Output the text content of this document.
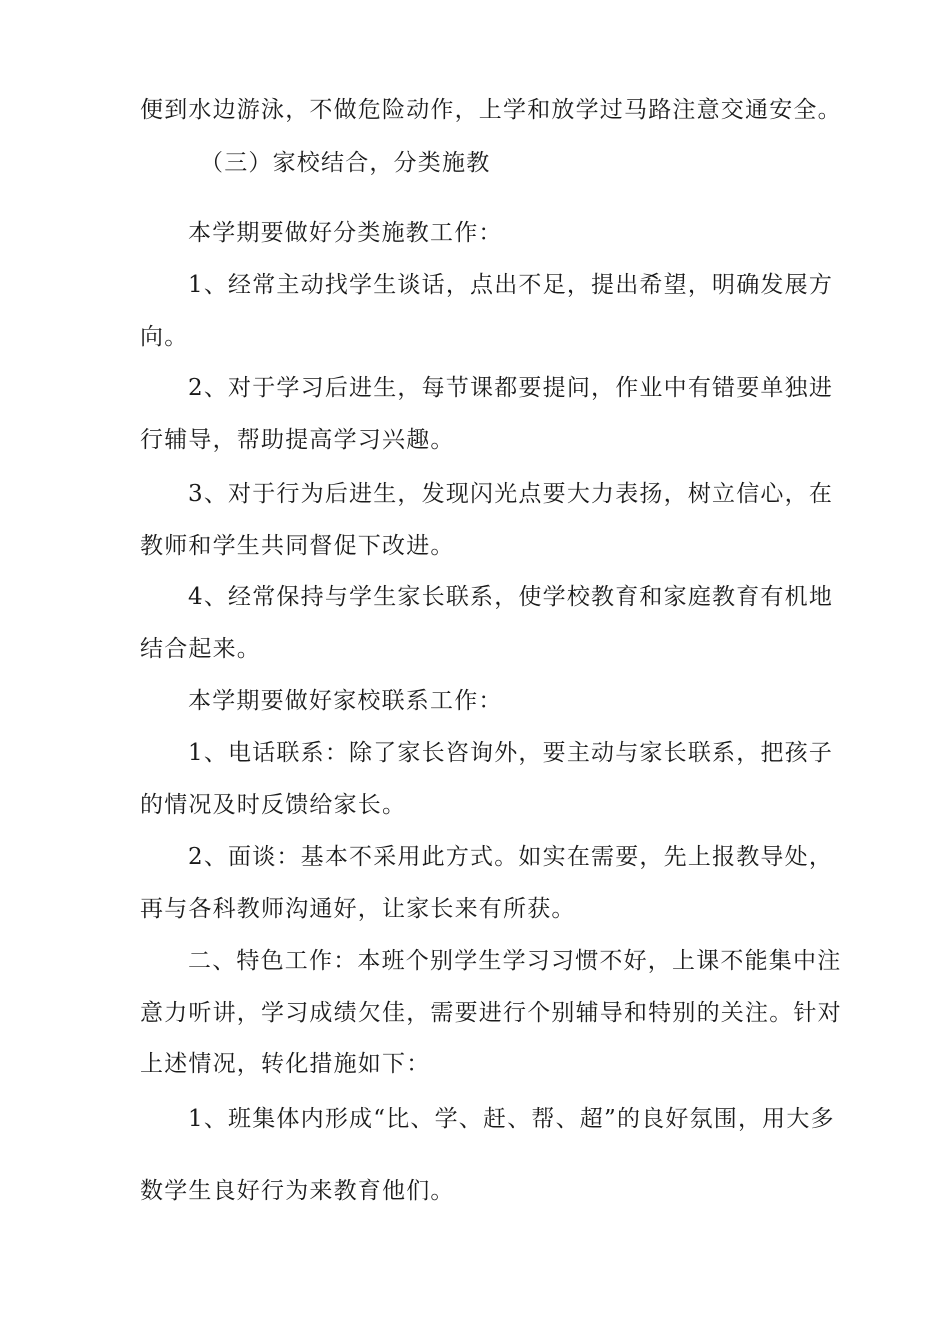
便到水边游泳，不做危险动作，上学和放学过马路注意交通安全。
（三）家校结合，分类施教
本学期要做好分类施教工作：
1、经常主动找学生谈话，点出不足，提出希望，明确发展方
向。
2、对于学习后进生，每节课都要提问，作业中有错要单独进
行辅导，帮助提高学习兴趣。
3、对于行为后进生，发现闪光点要大力表扬，树立信心，在
教师和学生共同督促下改进。
4、经常保持与学生家长联系，使学校教育和家庭教育有机地
结合起来。
本学期要做好家校联系工作：
1、电话联系：除了家长咨询外，要主动与家长联系，把孩子
的情况及时反馈给家长。
2、面谈：基本不采用此方式。如实在需要，先上报教导处，
再与各科教师沟通好，让家长来有所获。
二、特色工作：本班个别学生学习习惯不好，上课不能集中注
意力听讲，学习成绩欠佳，需要进行个别辅导和特别的关注。针对
上述情况，转化措施如下：
1、班集体内形成“比、学、赶、帮、超”的良好氛围，用大多
数学生良好行为来教育他们。
